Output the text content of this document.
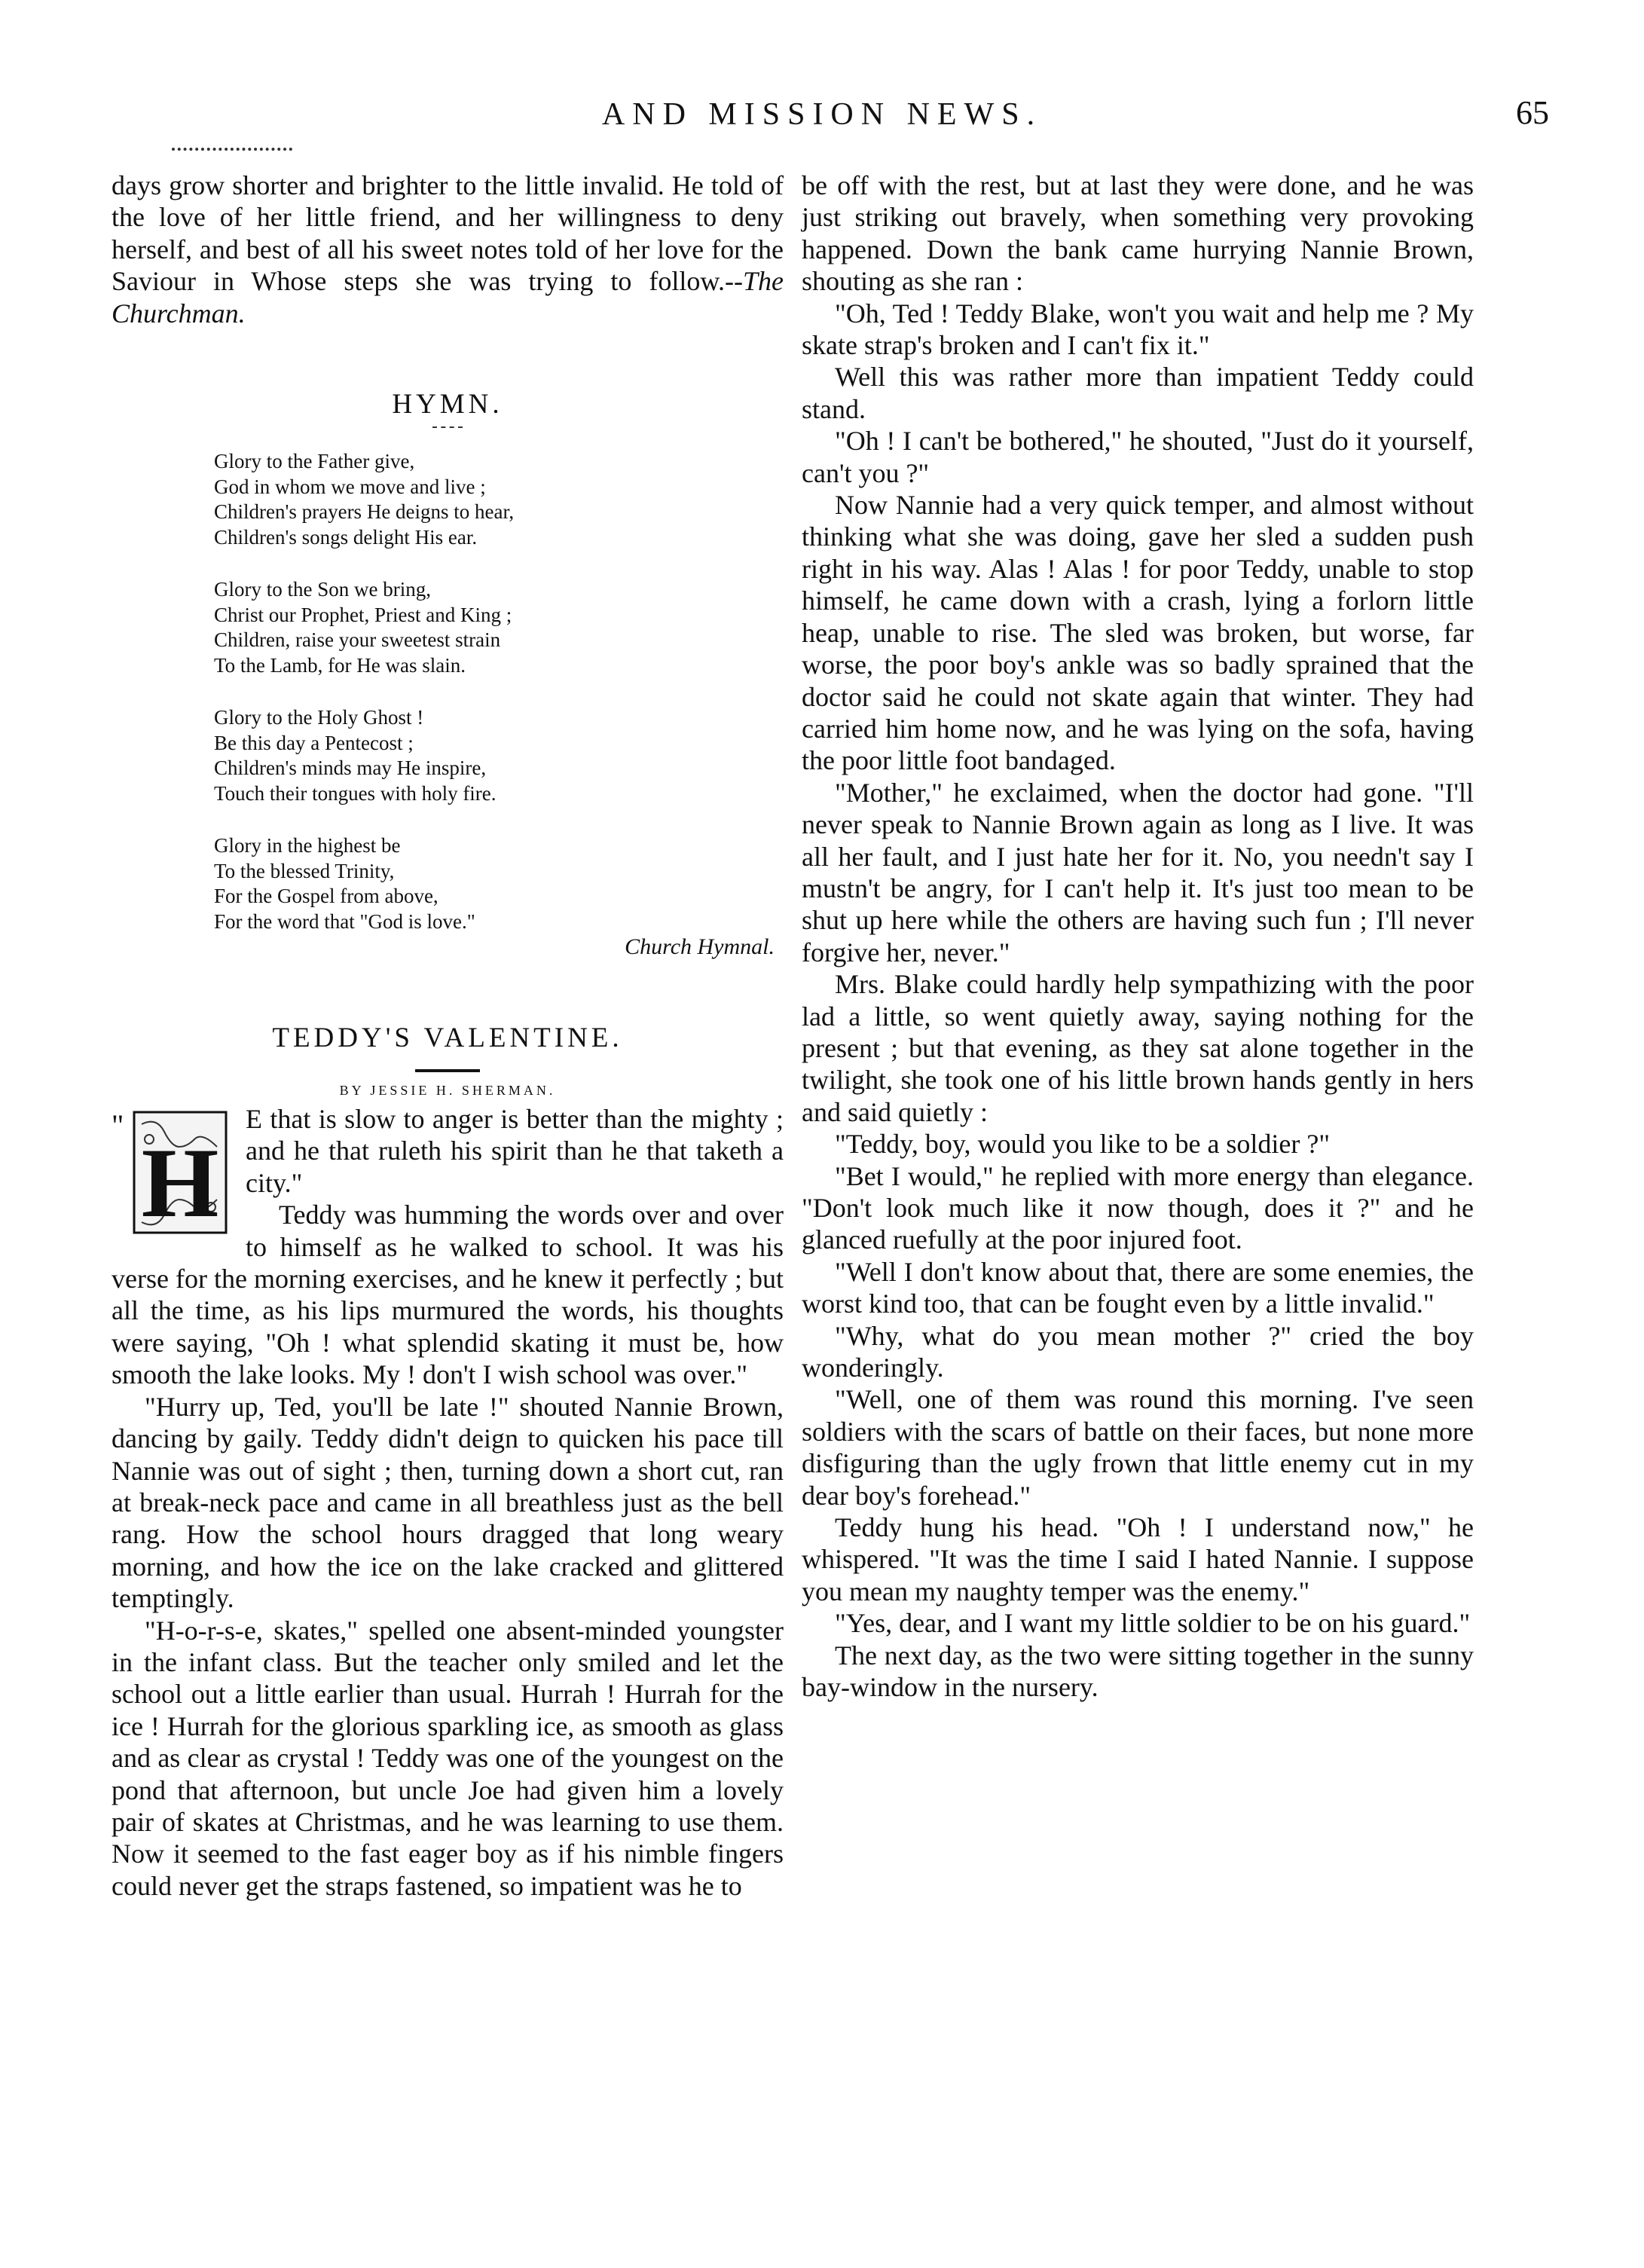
AND MISSION NEWS.	65

days grow shorter and brighter to the little invalid. He told of the love of her little friend, and her willingness to deny herself, and best of all his sweet notes told of her love for the Saviour in Whose steps she was trying to follow.--The Churchman.

HYMN.
Glory to the Father give,
God in whom we move and live ;
Children's prayers He deigns to hear,
Children's songs delight His ear.
Glory to the Son we bring,
Christ our Prophet, Priest and King ;
Children, raise your sweetest strain
To the Lamb, for He was slain.
Glory to the Holy Ghost !
Be this day a Pentecost ;
Children's minds may He inspire,
Touch their tongues with holy fire.
Glory in the highest be
To the blessed Trinity,
For the Gospel from above,
For the word that "God is love."
Church Hymnal.
TEDDY'S VALENTINE.
BY JESSIE H. SHERMAN.
"
H

E that is slow to anger is better than the mighty ; and he that ruleth his spirit than he that taketh a city."

Teddy was humming the words over and over to himself as he walked to school. It was his verse for the morning exercises, and he knew it perfectly ; but all the time, as his lips murmured the words, his thoughts were saying, "Oh ! what splendid skating it must be, how smooth the lake looks. My ! don't I wish school was over."

"Hurry up, Ted, you'll be late !" shouted Nannie Brown, dancing by gaily. Teddy didn't deign to quicken his pace till Nannie was out of sight ; then, turning down a short cut, ran at break-neck pace and came in all breathless just as the bell rang. How the school hours dragged that long weary morning, and how the ice on the lake cracked and glittered temptingly.

"H-o-r-s-e, skates," spelled one absent-minded youngster in the infant class. But the teacher only smiled and let the school out a little earlier than usual. Hurrah ! Hurrah for the ice ! Hurrah for the glorious sparkling ice, as smooth as glass and as clear as crystal ! Teddy was one of the youngest on the pond that afternoon, but uncle Joe had given him a lovely pair of skates at Christmas, and he was learning to use them. Now it seemed to the fast eager boy as if his nimble fingers could never get the straps fastened, so impatient was he to

be off with the rest, but at last they were done, and he was just striking out bravely, when something very provoking happened. Down the bank came hurrying Nannie Brown, shouting as she ran :

"Oh, Ted ! Teddy Blake, won't you wait and help me ? My skate strap's broken and I can't fix it."

Well this was rather more than impatient Teddy could stand.

"Oh ! I can't be bothered," he shouted, "Just do it yourself, can't you ?"

Now Nannie had a very quick temper, and almost without thinking what she was doing, gave her sled a sudden push right in his way. Alas ! Alas ! for poor Teddy, unable to stop himself, he came down with a crash, lying a forlorn little heap, unable to rise. The sled was broken, but worse, far worse, the poor boy's ankle was so badly sprained that the doctor said he could not skate again that winter. They had carried him home now, and he was lying on the sofa, having the poor little foot bandaged.

"Mother," he exclaimed, when the doctor had gone. "I'll never speak to Nannie Brown again as long as I live. It was all her fault, and I just hate her for it. No, you needn't say I mustn't be angry, for I can't help it. It's just too mean to be shut up here while the others are having such fun ; I'll never forgive her, never."

Mrs. Blake could hardly help sympathizing with the poor lad a little, so went quietly away, saying nothing for the present ; but that evening, as they sat alone together in the twilight, she took one of his little brown hands gently in hers and said quietly :

"Teddy, boy, would you like to be a soldier ?"

"Bet I would," he replied with more energy than elegance. "Don't look much like it now though, does it ?" and he glanced ruefully at the poor injured foot.

"Well I don't know about that, there are some enemies, the worst kind too, that can be fought even by a little invalid."

"Why, what do you mean mother ?" cried the boy wonderingly.

"Well, one of them was round this morning. I've seen soldiers with the scars of battle on their faces, but none more disfiguring than the ugly frown that little enemy cut in my dear boy's forehead."

Teddy hung his head. "Oh ! I understand now," he whispered. "It was the time I said I hated Nannie. I suppose you mean my naughty temper was the enemy."

"Yes, dear, and I want my little soldier to be on his guard."

The next day, as the two were sitting together in the sunny bay-window in the nursery.
